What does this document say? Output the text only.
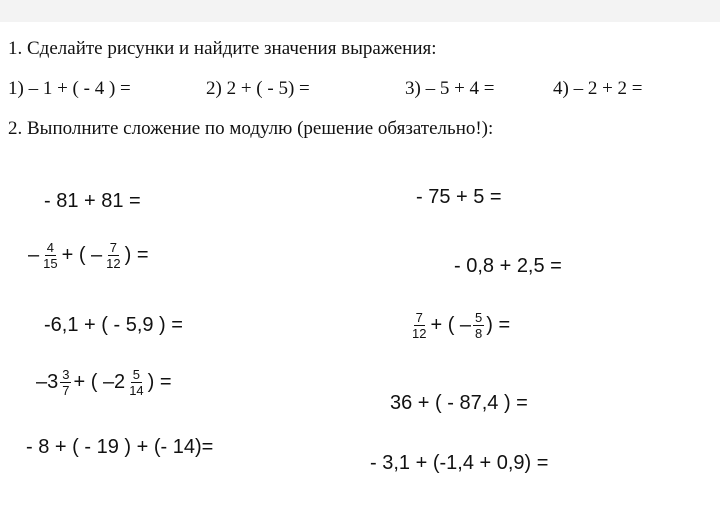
1. Сделайте рисунки и найдите значения выражения:
1) – 1 + ( - 4 ) =	2) 2 + ( - 5) =	3) – 5 + 4 =	4) – 2 + 2 =
2. Выполните сложение по модулю (решение обязательно!):
- 81 + 81 =
– $\frac{4}{15}$ + ( – $\frac{7}{12}$ ) =
-6,1 + ( - 5,9 ) =
$-3 \frac{3}{7}$ + ( $-2 \frac{5}{14}$ ) =
- 8 + ( - 19 ) + (- 14)=
- 75 + 5 =
- 0,8 + 2,5 =
$\frac{7}{12}$ + ( – $\frac{5}{8}$ ) =
36 + ( - 87,4 ) =
- 3,1 + (-1,4 + 0,9) =
